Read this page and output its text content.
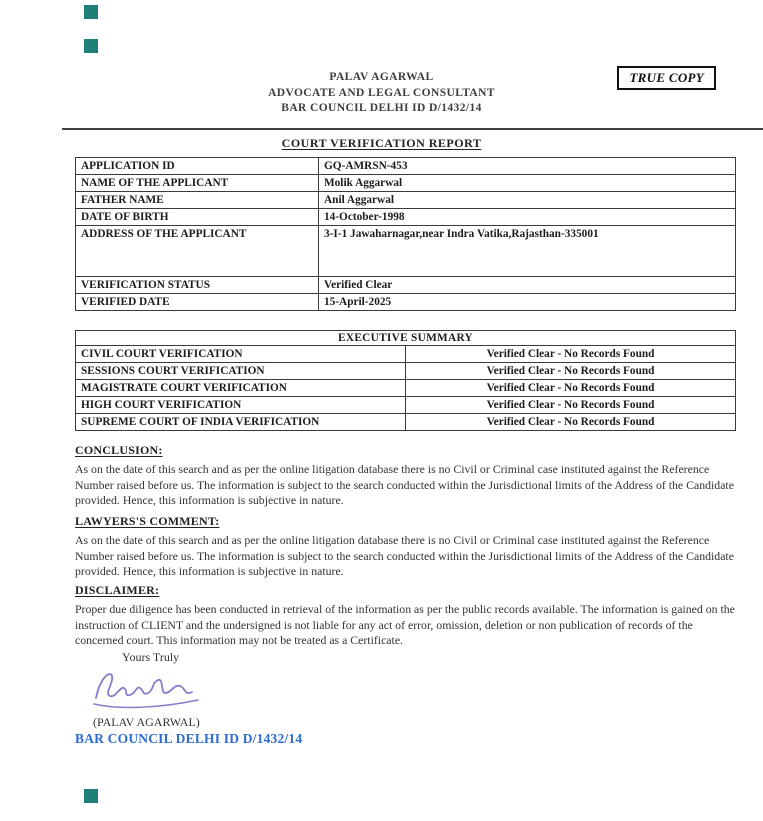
TRUE COPY
PALAV AGARWAL
ADVOCATE AND LEGAL CONSULTANT
BAR COUNCIL DELHI ID D/1432/14
COURT VERIFICATION REPORT
APPLICATION ID	GQ-AMRSN-453
NAME OF THE APPLICANT	Molik Aggarwal
FATHER NAME	Anil Aggarwal
DATE OF BIRTH	14-October-1998
ADDRESS OF THE APPLICANT	3-I-1 Jawaharnagar,near Indra Vatika,Rajasthan-335001
VERIFICATION STATUS	Verified Clear
VERIFIED DATE	15-April-2025
EXECUTIVE SUMMARY	
CIVIL COURT VERIFICATION	Verified Clear - No Records Found
SESSIONS COURT VERIFICATION	Verified Clear - No Records Found
MAGISTRATE COURT VERIFICATION	Verified Clear - No Records Found
HIGH COURT VERIFICATION	Verified Clear - No Records Found
SUPREME COURT OF INDIA VERIFICATION	Verified Clear - No Records Found
CONCLUSION:

As on the date of this search and as per the online litigation database there is no Civil or Criminal case instituted against the Reference Number raised before us. The information is subject to the search conducted within the Jurisdictional limits of the Address of the Candidate provided. Hence, this information is subjective in nature.

LAWYERS'S COMMENT:

As on the date of this search and as per the online litigation database there is no Civil or Criminal case instituted against the Reference Number raised before us. The information is subject to the search conducted within the Jurisdictional limits of the Address of the Candidate provided. Hence, this information is subjective in nature.

DISCLAIMER:

Proper due diligence has been conducted in retrieval of the information as per the public records available. The information is gained on the instruction of CLIENT and the undersigned is not liable for any act of error, omission, deletion or non publication of records of the concerned court. This information may not be treated as a Certificate.

Yours Truly
(PALAV AGARWAL)
BAR COUNCIL DELHI ID D/1432/14
